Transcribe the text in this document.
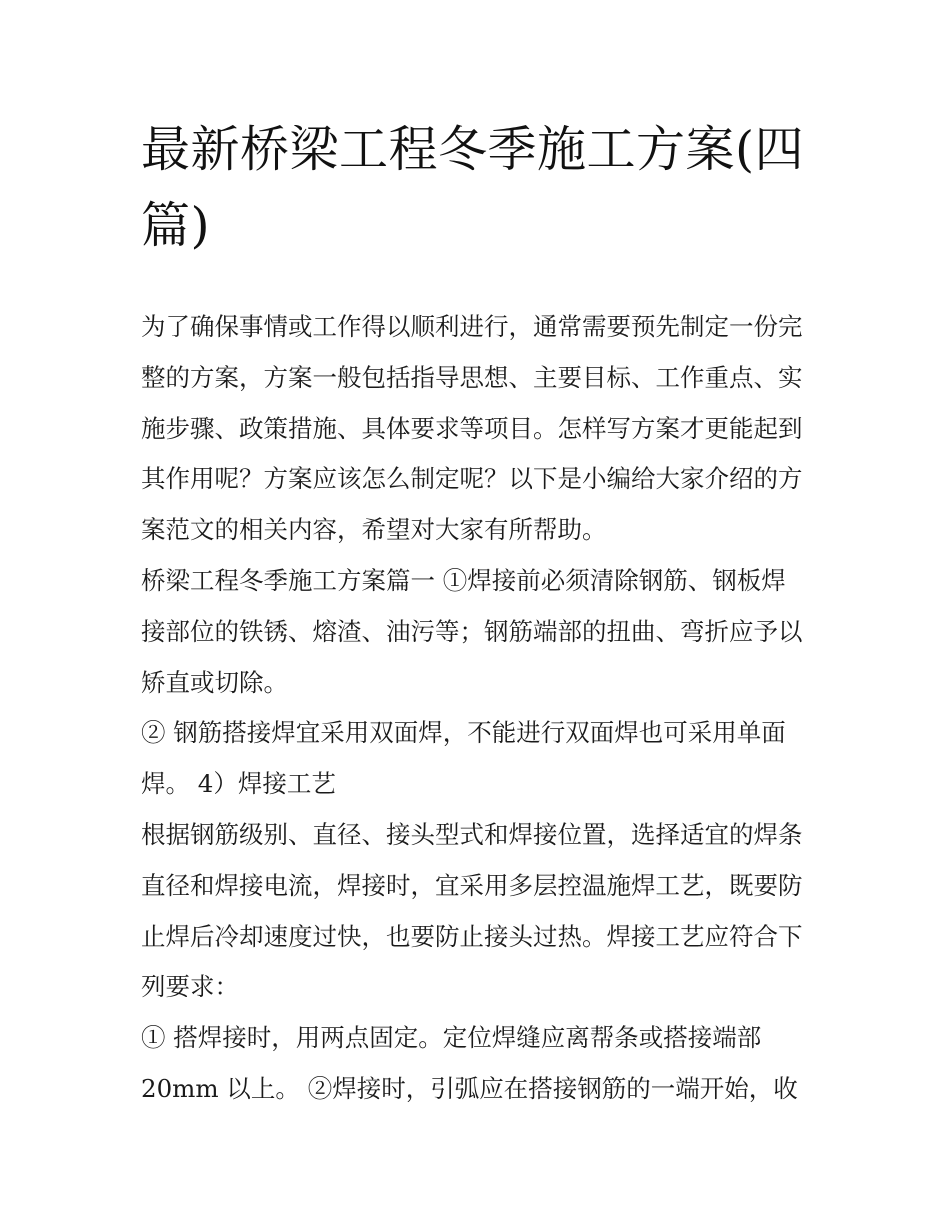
最新桥梁工程冬季施工方案(四
篇)

为了确保事情或工作得以顺利进行，通常需要预先制定一份完
整的方案，方案一般包括指导思想、主要目标、工作重点、实
施步骤、政策措施、具体要求等项目。怎样写方案才更能起到
其作用呢？方案应该怎么制定呢？以下是小编给大家介绍的方
案范文的相关内容，希望对大家有所帮助。

桥梁工程冬季施工方案篇一 ①焊接前必须清除钢筋、钢板焊
接部位的铁锈、熔渣、油污等；钢筋端部的扭曲、弯折应予以
矫直或切除。

② 钢筋搭接焊宜采用双面焊，不能进行双面焊也可采用单面
焊。 4）焊接工艺

根据钢筋级别、直径、接头型式和焊接位置，选择适宜的焊条
直径和焊接电流，焊接时，宜采用多层控温施焊工艺，既要防
止焊后冷却速度过快，也要防止接头过热。焊接工艺应符合下
列要求：

① 搭焊接时，用两点固定。定位焊缝应离帮条或搭接端部
20mm 以上。 ②焊接时，引弧应在搭接钢筋的一端开始，收
